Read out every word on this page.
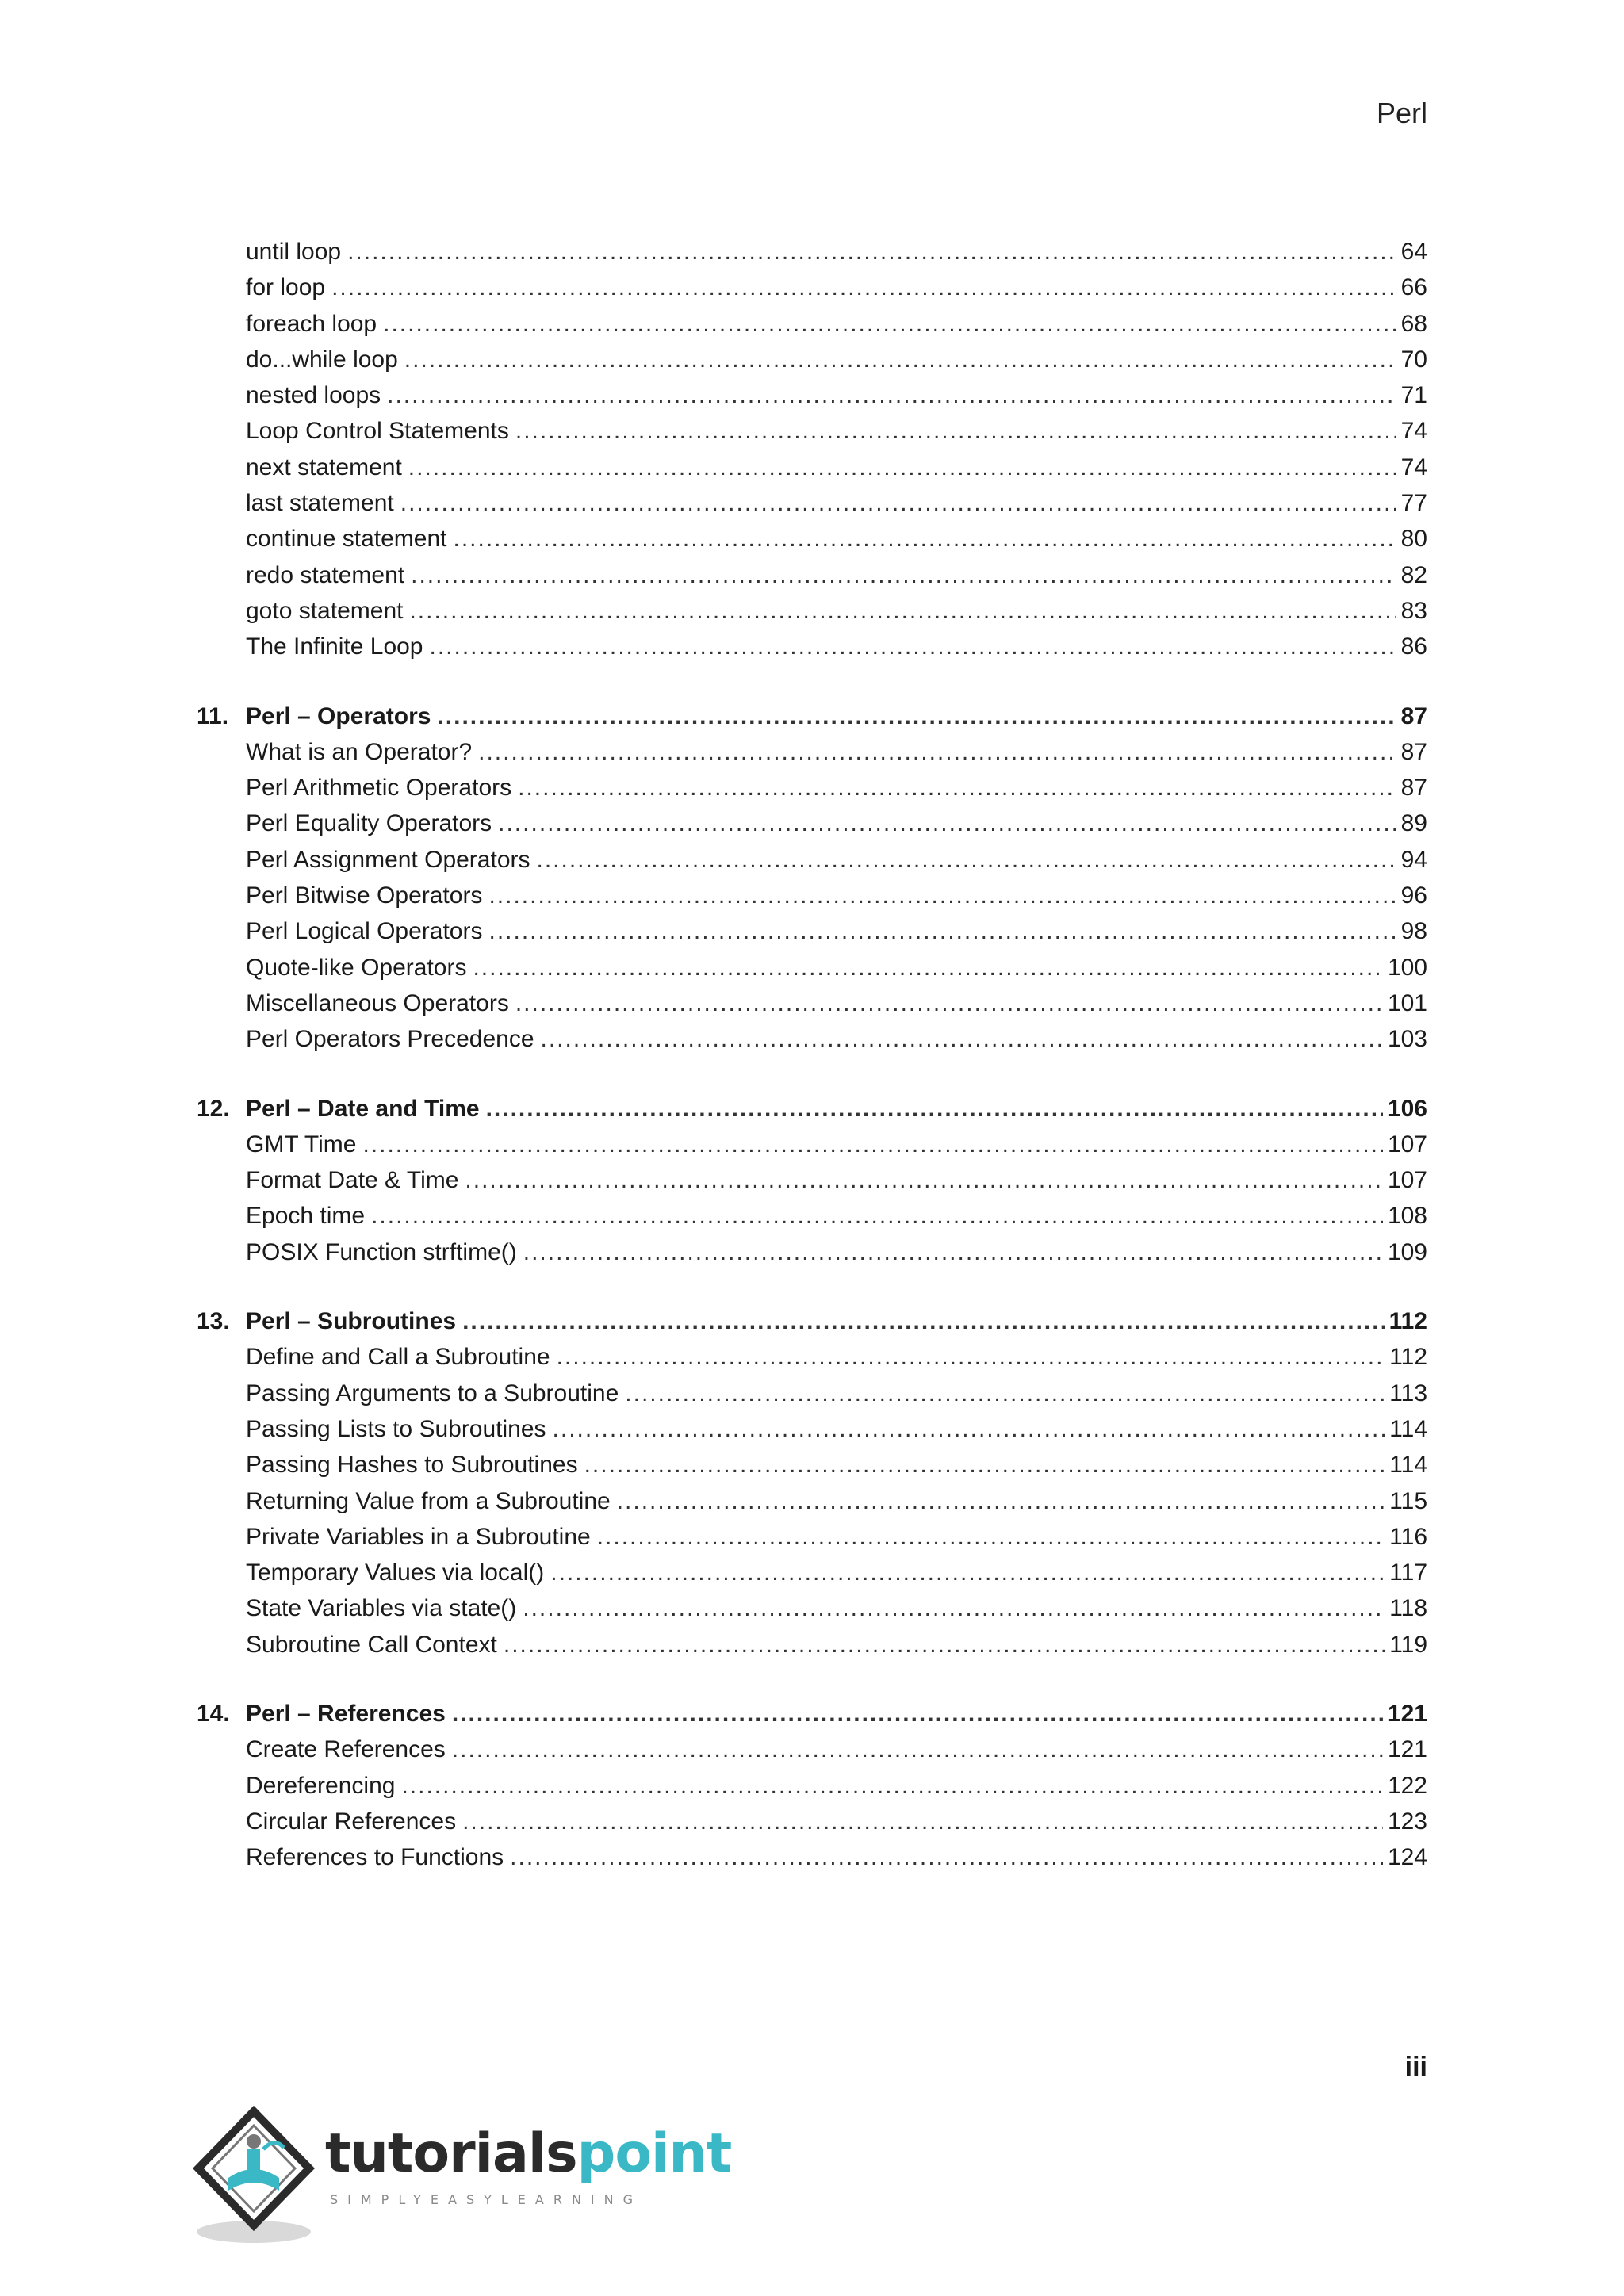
Perl
until loop .....	64
for loop .....	66
foreach loop .....	68
do...while loop .....	70
nested loops .....	71
Loop Control Statements .....	74
next statement .....	74
last statement .....	77
continue statement .....	80
redo statement .....	82
goto statement .....	83
The Infinite Loop .....	86
11. Perl – Operators .....	87
What is an Operator? .....	87
Perl Arithmetic Operators .....	87
Perl Equality Operators .....	89
Perl Assignment Operators .....	94
Perl Bitwise Operators .....	96
Perl Logical Operators .....	98
Quote-like Operators .....	100
Miscellaneous Operators .....	101
Perl Operators Precedence .....	103
12. Perl – Date and Time .....	106
GMT Time .....	107
Format Date & Time .....	107
Epoch time .....	108
POSIX Function strftime() .....	109
13. Perl – Subroutines .....	112
Define and Call a Subroutine .....	112
Passing Arguments to a Subroutine .....	113
Passing Lists to Subroutines .....	114
Passing Hashes to Subroutines .....	114
Returning Value from a Subroutine .....	115
Private Variables in a Subroutine .....	116
Temporary Values via local() .....	117
State Variables via state() .....	118
Subroutine Call Context .....	119
14. Perl – References .....	121
Create References .....	121
Dereferencing .....	122
Circular References .....	123
References to Functions .....	124
iii
tutorialspoint
SIMPLYEASYLEARNING
